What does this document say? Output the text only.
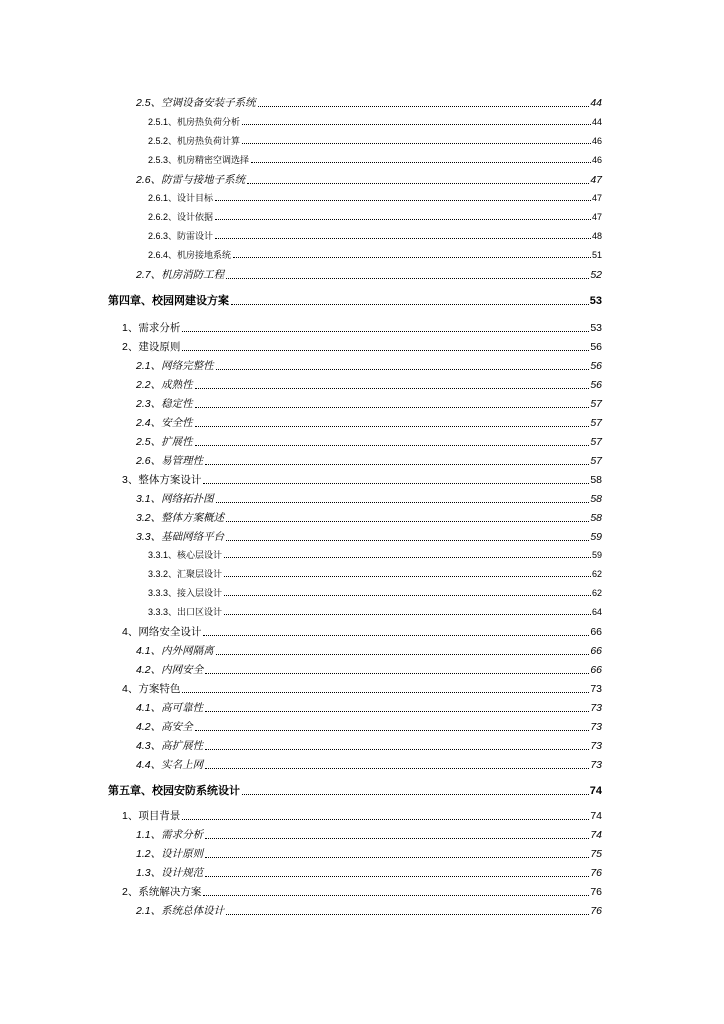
2.5、空调设备安装子系统	44
2.5.1、机房热负荷分析	44
2.5.2、机房热负荷计算	46
2.5.3、机房精密空调选择	46
2.6、防雷与接地子系统	47
2.6.1、设计目标	47
2.6.2、设计依据	47
2.6.3、防雷设计	48
2.6.4、机房接地系统	51
2.7、机房消防工程	52
第四章、校园网建设方案	53
1、需求分析	53
2、建设原则	56
2.1、网络完整性	56
2.2、成熟性	56
2.3、稳定性	57
2.4、安全性	57
2.5、扩展性	57
2.6、易管理性	57
3、整体方案设计	58
3.1、网络拓扑图	58
3.2、整体方案概述	58
3.3、基础网络平台	59
3.3.1、核心层设计	59
3.3.2、汇聚层设计	62
3.3.3、接入层设计	62
3.3.3、出口区设计	64
4、网络安全设计	66
4.1、内外网隔离	66
4.2、内网安全	66
4、方案特色	73
4.1、高可靠性	73
4.2、高安全	73
4.3、高扩展性	73
4.4、实名上网	73
第五章、校园安防系统设计	74
1、项目背景	74
1.1、需求分析	74
1.2、设计原则	75
1.3、设计规范	76
2、系统解决方案	76
2.1、系统总体设计	76
